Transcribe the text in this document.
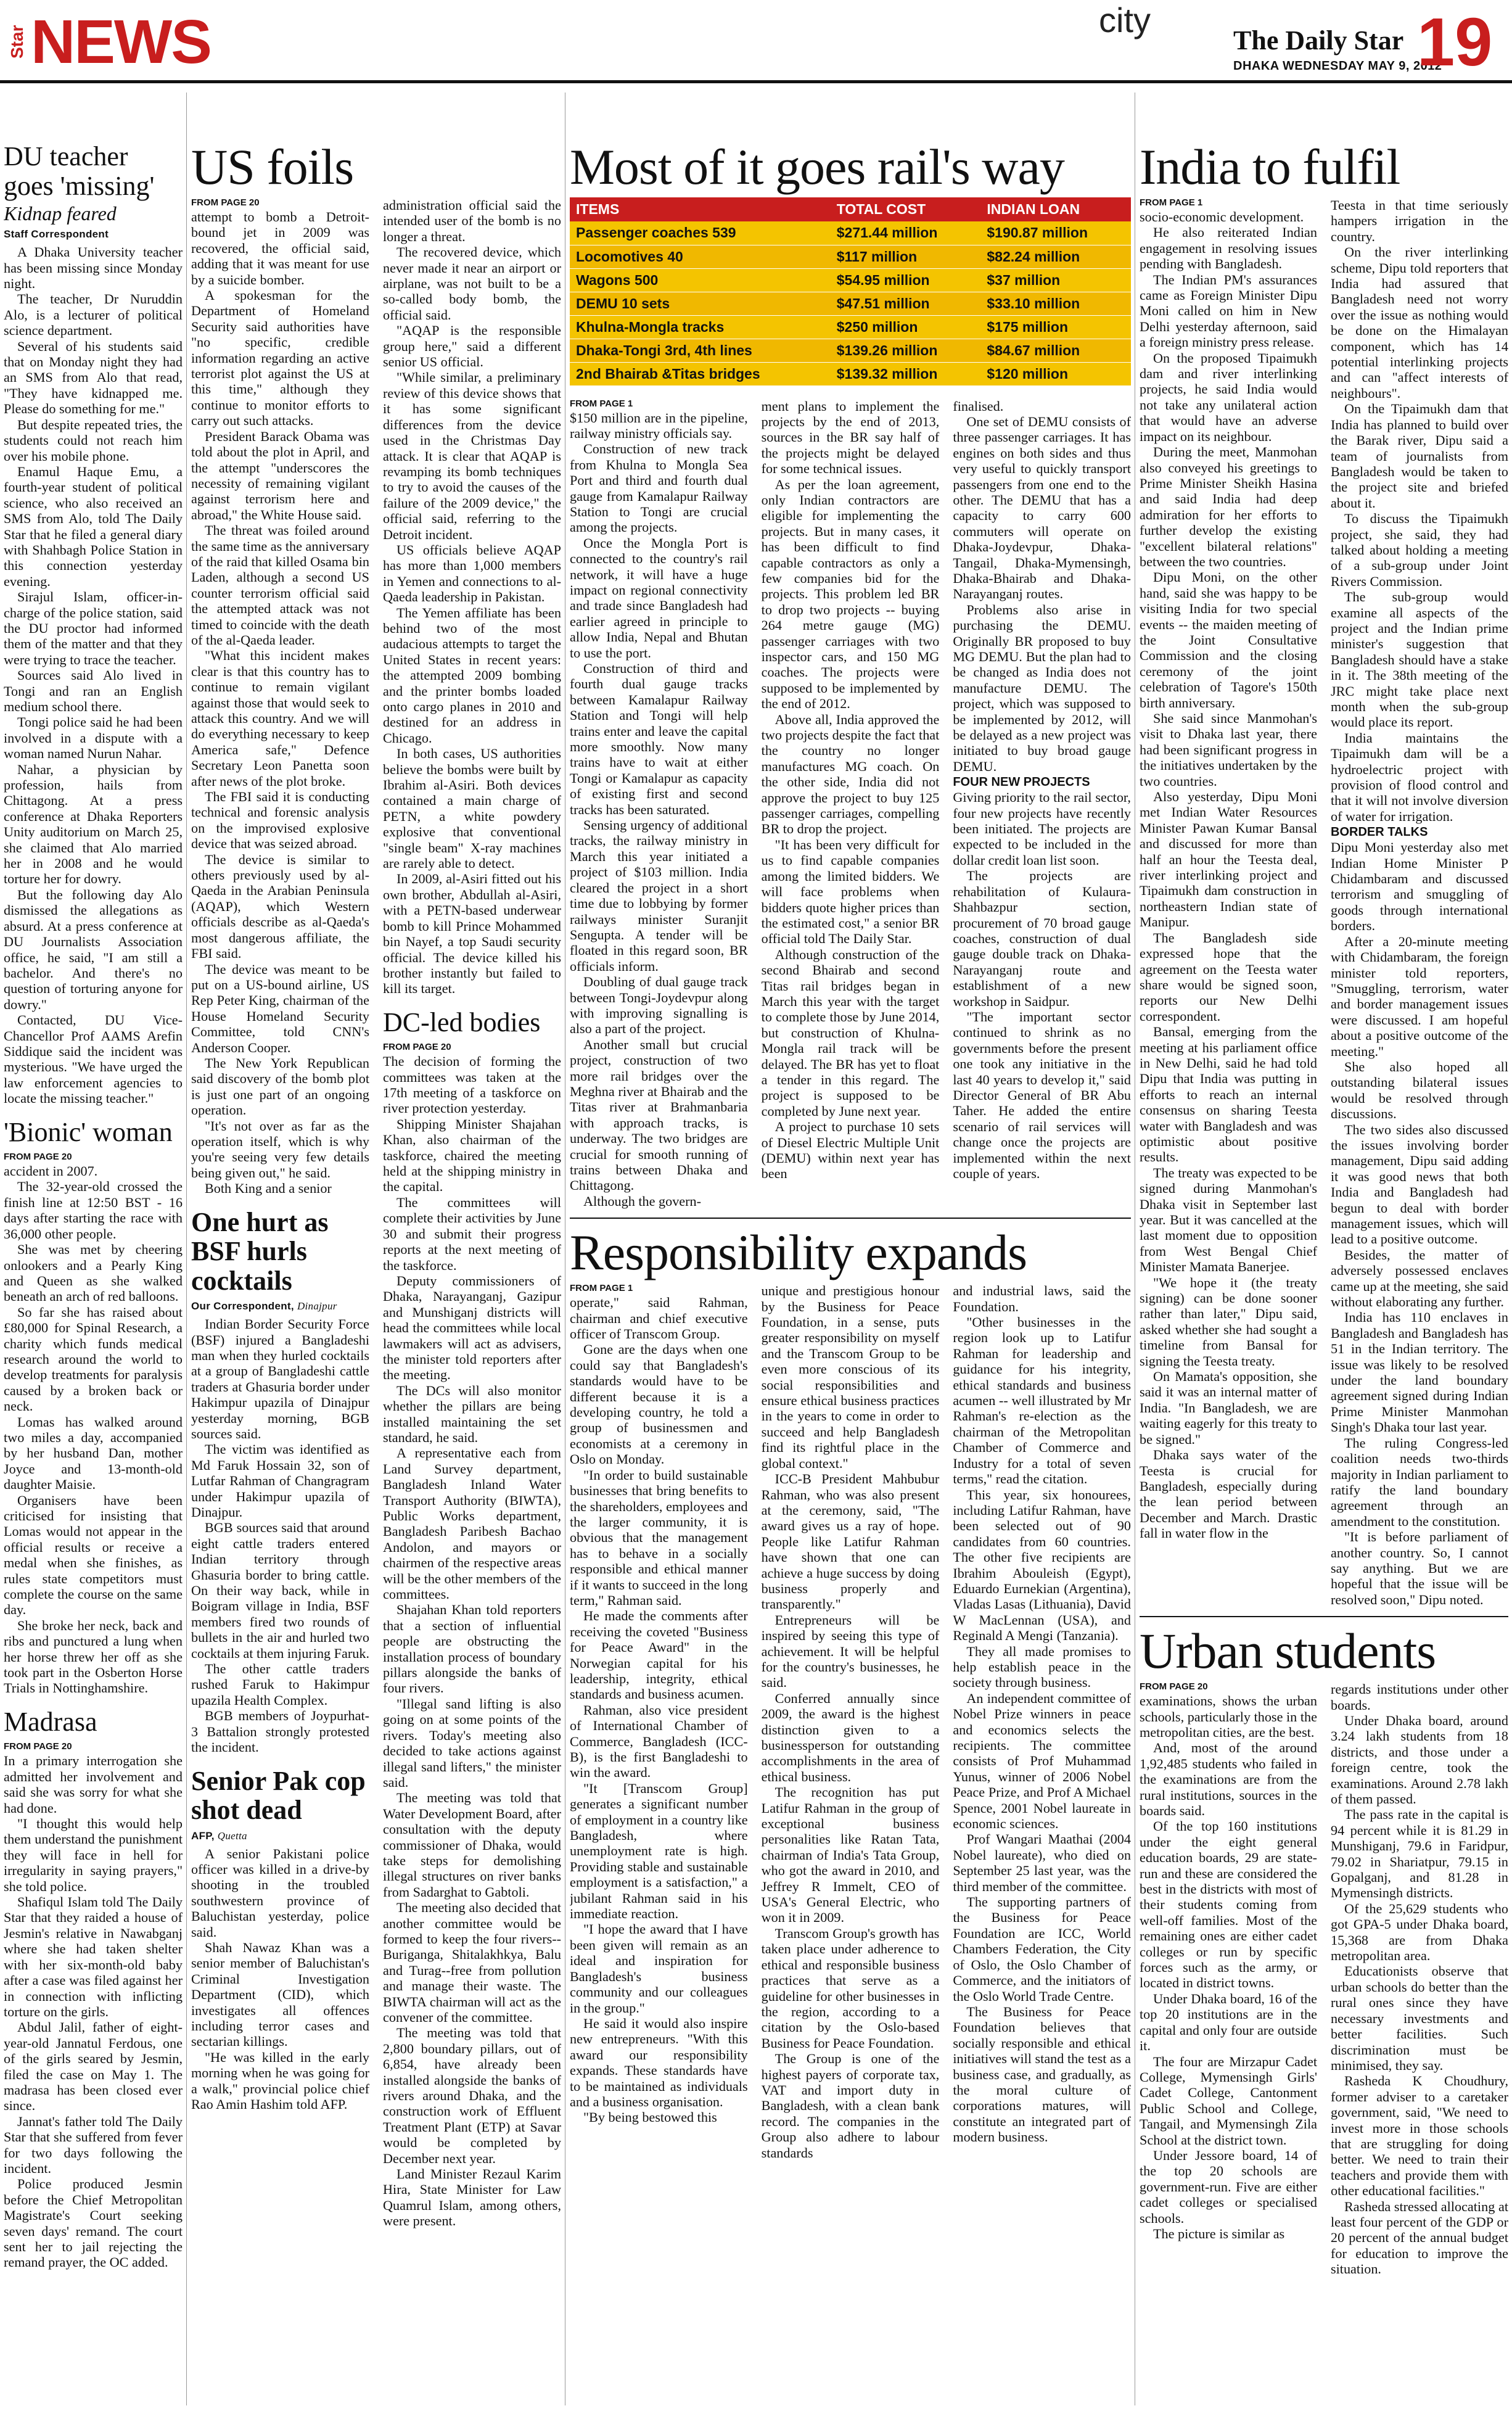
Star NEWS	city
The Daily Star
DHAKA WEDNESDAY MAY 9, 2012
19
DU teacher goes 'missing'
Kidnap feared
Staff Correspondent

A Dhaka University teacher has been missing since Monday night.

The teacher, Dr Nuruddin Alo, is a lecturer of political science department.

Several of his students said that on Monday night they had an SMS from Alo that read, "They have kidnapped me. Please do something for me."

But despite repeated tries, the students could not reach him over his mobile phone.

Enamul Haque Emu, a fourth-year student of political science, who also received an SMS from Alo, told The Daily Star that he filed a general diary with Shahbagh Police Station in this connection yesterday evening.

Sirajul Islam, officer-in-charge of the police station, said the DU proctor had informed them of the matter and that they were trying to trace the teacher.

Sources said Alo lived in Tongi and ran an English medium school there.

Tongi police said he had been involved in a dispute with a woman named Nurun Nahar.

Nahar, a physician by profession, hails from Chittagong. At a press conference at Dhaka Reporters Unity auditorium on March 25, she claimed that Alo married her in 2008 and he would torture her for dowry.

But the following day Alo dismissed the allegations as absurd. At a press conference at DU Journalists Association office, he said, "I am still a bachelor. And there's no question of torturing anyone for dowry."

Contacted, DU Vice-Chancellor Prof AAMS Arefin Siddique said the incident was mysterious. "We have urged the law enforcement agencies to locate the missing teacher."

'Bionic' woman
FROM PAGE 20

accident in 2007.

The 32-year-old crossed the finish line at 12:50 BST - 16 days after starting the race with 36,000 other people.

She was met by cheering onlookers and a Pearly King and Queen as she walked beneath an arch of red balloons.

So far she has raised about £80,000 for Spinal Research, a charity which funds medical research around the world to develop treatments for paralysis caused by a broken back or neck.

Lomas has walked around two miles a day, accompanied by her husband Dan, mother Joyce and 13-month-old daughter Maisie.

Organisers have been criticised for insisting that Lomas would not appear in the official results or receive a medal when she finishes, as rules state competitors must complete the course on the same day.

She broke her neck, back and ribs and punctured a lung when her horse threw her off as she took part in the Osberton Horse Trials in Nottinghamshire.

Madrasa
FROM PAGE 20

In a primary interrogation she admitted her involvement and said she was sorry for what she had done.

"I thought this would help them understand the punishment they will face in hell for irregularity in saying prayers," she told police.

Shafiqul Islam told The Daily Star that they raided a house of Jesmin's relative in Nawabganj where she had taken shelter with her six-month-old baby after a case was filed against her in connection with inflicting torture on the girls.

Abdul Jalil, father of eight-year-old Jannatul Ferdous, one of the girls seared by Jesmin, filed the case on May 1. The madrasa has been closed ever since.

Jannat's father told The Daily Star that she suffered from fever for two days following the incident.

Police produced Jesmin before the Chief Metropolitan Magistrate's Court seeking seven days' remand. The court sent her to jail rejecting the remand prayer, the OC added.

US foils
FROM PAGE 20

attempt to bomb a Detroit-bound jet in 2009 was recovered, the official said, adding that it was meant for use by a suicide bomber.

A spokesman for the Department of Homeland Security said authorities have "no specific, credible information regarding an active terrorist plot against the US at this time," although they continue to monitor efforts to carry out such attacks.

President Barack Obama was told about the plot in April, and the attempt "underscores the necessity of remaining vigilant against terrorism here and abroad," the White House said.

The threat was foiled around the same time as the anniversary of the raid that killed Osama bin Laden, although a second US counter terrorism official said the attempted attack was not timed to coincide with the death of the al-Qaeda leader.

"What this incident makes clear is that this country has to continue to remain vigilant against those that would seek to attack this country. And we will do everything necessary to keep America safe," Defence Secretary Leon Panetta soon after news of the plot broke.

The FBI said it is conducting technical and forensic analysis on the improvised explosive device that was seized abroad.

The device is similar to others previously used by al-Qaeda in the Arabian Peninsula (AQAP), which Western officials describe as al-Qaeda's most dangerous affiliate, the FBI said.

The device was meant to be put on a US-bound airline, US Rep Peter King, chairman of the House Homeland Security Committee, told CNN's Anderson Cooper.

The New York Republican said discovery of the bomb plot is just one part of an ongoing operation.

"It's not over as far as the operation itself, which is why you're seeing very few details being given out," he said.

Both King and a senior

One hurt as BSF hurls cocktails
Our Correspondent, Dinajpur

Indian Border Security Force (BSF) injured a Bangladeshi man when they hurled cocktails at a group of Bangladeshi cattle traders at Ghasuria border under Hakimpur upazila of Dinajpur yesterday morning, BGB sources said.

The victim was identified as Md Faruk Hossain 32, son of Lutfar Rahman of Changragram under Hakimpur upazila of Dinajpur.

BGB sources said that around eight cattle traders entered Indian territory through Ghasuria border to bring cattle. On their way back, while in Boigram village in India, BSF members fired two rounds of bullets in the air and hurled two cocktails at them injuring Faruk.

The other cattle traders rushed Faruk to Hakimpur upazila Health Complex.

BGB members of Joypurhat-3 Battalion strongly protested the incident.

Senior Pak cop shot dead
AFP, Quetta

A senior Pakistani police officer was killed in a drive-by shooting in the troubled southwestern province of Baluchistan yesterday, police said.

Shah Nawaz Khan was a senior member of Baluchistan's Criminal Investigation Department (CID), which investigates all offences including terror cases and sectarian killings.

"He was killed in the early morning when he was going for a walk," provincial police chief Rao Amin Hashim told AFP.

administration official said the intended user of the bomb is no longer a threat.

The recovered device, which never made it near an airport or airplane, was not built to be a so-called body bomb, the official said.

"AQAP is the responsible group here," said a different senior US official.

"While similar, a preliminary review of this device shows that it has some significant differences from the device used in the Christmas Day attack. It is clear that AQAP is revamping its bomb techniques to try to avoid the causes of the failure of the 2009 device," the official said, referring to the Detroit incident.

US officials believe AQAP has more than 1,000 members in Yemen and connections to al-Qaeda leadership in Pakistan.

The Yemen affiliate has been behind two of the most audacious attempts to target the United States in recent years: the attempted 2009 bombing and the printer bombs loaded onto cargo planes in 2010 and destined for an address in Chicago.

In both cases, US authorities believe the bombs were built by Ibrahim al-Asiri. Both devices contained a main charge of PETN, a white powdery explosive that conventional "single beam" X-ray machines are rarely able to detect.

In 2009, al-Asiri fitted out his own brother, Abdullah al-Asiri, with a PETN-based underwear bomb to kill Prince Mohammed bin Nayef, a top Saudi security official. The device killed his brother instantly but failed to kill its target.

DC-led bodies
FROM PAGE 20

The decision of forming the committees was taken at the 17th meeting of a taskforce on river protection yesterday.

Shipping Minister Shajahan Khan, also chairman of the taskforce, chaired the meeting held at the shipping ministry in the capital.

The committees will complete their activities by June 30 and submit their progress reports at the next meeting of the taskforce.

Deputy commissioners of Dhaka, Narayanganj, Gazipur and Munshiganj districts will head the committees while local lawmakers will act as advisers, the minister told reporters after the meeting.

The DCs will also monitor whether the pillars are being installed maintaining the set standard, he said.

A representative each from Land Survey department, Bangladesh Inland Water Transport Authority (BIWTA), Public Works department, Bangladesh Paribesh Bachao Andolon, and mayors or chairmen of the respective areas will be the other members of the committees.

Shajahan Khan told reporters that a section of influential people are obstructing the installation process of boundary pillars alongside the banks of four rivers.

"Illegal sand lifting is also going on at some points of the rivers. Today's meeting also decided to take actions against illegal sand lifters," the minister said.

The meeting was told that Water Development Board, after consultation with the deputy commissioner of Dhaka, would take steps for demolishing illegal structures on river banks from Sadarghat to Gabtoli.

The meeting also decided that another committee would be formed to keep the four rivers--Buriganga, Shitalakhkya, Balu and Turag--free from pollution and manage their waste. The BIWTA chairman will act as the convener of the committee.

The meeting was told that 2,800 boundary pillars, out of 6,854, have already been installed alongside the banks of rivers around Dhaka, and the construction work of Effluent Treatment Plant (ETP) at Savar would be completed by December next year.

Land Minister Rezaul Karim Hira, State Minister for Law Quamrul Islam, among others, were present.

Most of it goes rail's way
ITEMS	TOTAL COST	INDIAN LOAN
Passenger coaches 539	$271.44 million	$190.87 million
Locomotives 40	$117 million	$82.24 million
Wagons 500	$54.95 million	$37 million
DEMU 10 sets	$47.51 million	$33.10 million
Khulna-Mongla tracks	$250 million	$175 million
Dhaka-Tongi 3rd, 4th lines	$139.26 million	$84.67 million
2nd Bhairab &Titas bridges	$139.32 million	$120 million
FROM PAGE 1

$150 million are in the pipeline, railway ministry officials say.

Construction of new track from Khulna to Mongla Sea Port and third and fourth dual gauge from Kamalapur Railway Station to Tongi are crucial among the projects.

Once the Mongla Port is connected to the country's rail network, it will have a huge impact on regional connectivity and trade since Bangladesh had earlier agreed in principle to allow India, Nepal and Bhutan to use the port.

Construction of third and fourth dual gauge tracks between Kamalapur Railway Station and Tongi will help trains enter and leave the capital more smoothly. Now many trains have to wait at either Tongi or Kamalapur as capacity of existing first and second tracks has been saturated.

Sensing urgency of additional tracks, the railway ministry in March this year initiated a project of $103 million. India cleared the project in a short time due to lobbying by former railways minister Suranjit Sengupta. A tender will be floated in this regard soon, BR officials inform.

Doubling of dual gauge track between Tongi-Joydevpur along with improving signalling is also a part of the project.

Another small but crucial project, construction of two more rail bridges over the Meghna river at Bhairab and the Titas river at Brahmanbaria with approach tracks, is underway. The two bridges are crucial for smooth running of trains between Dhaka and Chittagong.

Although the govern-

ment plans to implement the projects by the end of 2013, sources in the BR say half of the projects might be delayed for some technical issues.

As per the loan agreement, only Indian contractors are eligible for implementing the projects. But in many cases, it has been difficult to find capable contractors as only a few companies bid for the projects. This problem led BR to drop two projects -- buying 264 metre gauge (MG) passenger carriages with two inspector cars, and 150 MG coaches. The projects were supposed to be implemented by the end of 2012.

Above all, India approved the two projects despite the fact that the country no longer manufactures MG coach. On the other side, India did not approve the project to buy 125 passenger carriages, compelling BR to drop the project.

"It has been very difficult for us to find capable companies among the limited bidders. We will face problems when bidders quote higher prices than the estimated cost," a senior BR official told The Daily Star.

Although construction of the second Bhairab and second Titas rail bridges began in March this year with the target to complete those by June 2014, but construction of Khulna-Mongla rail track will be delayed. The BR has yet to float a tender in this regard. The project is supposed to be completed by June next year.

A project to purchase 10 sets of Diesel Electric Multiple Unit (DEMU) within next year has been

finalised.

One set of DEMU consists of three passenger carriages. It has engines on both sides and thus very useful to quickly transport passengers from one end to the other. The DEMU that has a capacity to carry 600 commuters will operate on Dhaka-Joydevpur, Dhaka-Tangail, Dhaka-Mymensingh, Dhaka-Bhairab and Dhaka-Narayanganj routes.

Problems also arise in purchasing the DEMU. Originally BR proposed to buy MG DEMU. But the plan had to be changed as India does not manufacture DEMU. The project, which was supposed to be implemented by 2012, will be delayed as a new project was initiated to buy broad gauge DEMU.

FOUR NEW PROJECTS

Giving priority to the rail sector, four new projects have recently been initiated. The projects are expected to be included in the dollar credit loan list soon.

The projects are rehabilitation of Kulaura-Shahbazpur section, procurement of 70 broad gauge coaches, construction of dual gauge double track on Dhaka-Narayanganj route and establishment of a new workshop in Saidpur.

"The important sector continued to shrink as no governments before the present one took any initiative in the last 40 years to develop it," said Director General of BR Abu Taher. He added the entire scenario of rail services will change once the projects are implemented within the next couple of years.

Responsibility expands
FROM PAGE 1

operate," said Rahman, chairman and chief executive officer of Transcom Group.

Gone are the days when one could say that Bangladesh's standards would have to be different because it is a developing country, he told a group of businessmen and economists at a ceremony in Oslo on Monday.

"In order to build sustainable businesses that bring benefits to the shareholders, employees and the larger community, it is obvious that the management has to behave in a socially responsible and ethical manner if it wants to succeed in the long term," Rahman said.

He made the comments after receiving the coveted "Business for Peace Award" in the Norwegian capital for his leadership, integrity, ethical standards and business acumen.

Rahman, also vice president of International Chamber of Commerce, Bangladesh (ICC-B), is the first Bangladeshi to win the award.

"It [Transcom Group] generates a significant number of employment in a country like Bangladesh, where unemployment rate is high. Providing stable and sustainable employment is a satisfaction," a jubilant Rahman said in his immediate reaction.

"I hope the award that I have been given will remain as an ideal and inspiration for Bangladesh's business community and our colleagues in the group."

He said it would also inspire new entrepreneurs. "With this award our responsibility expands. These standards have to be maintained as individuals and a business organisation.

"By being bestowed this

unique and prestigious honour by the Business for Peace Foundation, in a sense, puts greater responsibility on myself and the Transcom Group to be even more conscious of its social responsibilities and ensure ethical business practices in the years to come in order to succeed and help Bangladesh find its rightful place in the global context."

ICC-B President Mahbubur Rahman, who was also present at the ceremony, said, "The award gives us a ray of hope. People like Latifur Rahman have shown that one can achieve a huge success by doing business properly and transparently."

Entrepreneurs will be inspired by seeing this type of achievement. It will be helpful for the country's businesses, he said.

Conferred annually since 2009, the award is the highest distinction given to a businessperson for outstanding accomplishments in the area of ethical business.

The recognition has put Latifur Rahman in the group of exceptional business personalities like Ratan Tata, chairman of India's Tata Group, who got the award in 2010, and Jeffrey R Immelt, CEO of USA's General Electric, who won it in 2009.

Transcom Group's growth has taken place under adherence to ethical and responsible business practices that serve as a guideline for other businesses in the region, according to a citation by the Oslo-based Business for Peace Foundation.

The Group is one of the highest payers of corporate tax, VAT and import duty in Bangladesh, with a clean bank record. The companies in the Group also adhere to labour standards

and industrial laws, said the Foundation.

"Other businesses in the region look up to Latifur Rahman for leadership and guidance for his integrity, ethical standards and business acumen -- well illustrated by Mr Rahman's re-election as the chairman of the Metropolitan Chamber of Commerce and Industry for a total of seven terms," read the citation.

This year, six honourees, including Latifur Rahman, have been selected out of 90 candidates from 60 countries. The other five recipients are Ibrahim Abouleish (Egypt), Eduardo Eurnekian (Argentina), Vladas Lasas (Lithuania), David W MacLennan (USA), and Reginald A Mengi (Tanzania).

They all made promises to help establish peace in the society through business.

An independent committee of Nobel Prize winners in peace and economics selects the recipients. The committee consists of Prof Muhammad Yunus, winner of 2006 Nobel Peace Prize, and Prof A Michael Spence, 2001 Nobel laureate in economic sciences.

Prof Wangari Maathai (2004 Nobel laureate), who died on September 25 last year, was the third member of the committee.

The supporting partners of the Business for Peace Foundation are ICC, World Chambers Federation, the City of Oslo, the Oslo Chamber of Commerce, and the initiators of the Oslo World Trade Centre.

The Business for Peace Foundation believes that socially responsible and ethical initiatives will stand the test as a business case, and gradually, as the moral culture of corporations matures, will constitute an integrated part of modern business.

India to fulfil
FROM PAGE 1

socio-economic development.

He also reiterated Indian engagement in resolving issues pending with Bangladesh.

The Indian PM's assurances came as Foreign Minister Dipu Moni called on him in New Delhi yesterday afternoon, said a foreign ministry press release.

On the proposed Tipaimukh dam and river interlinking projects, he said India would not take any unilateral action that would have an adverse impact on its neighbour.

During the meet, Manmohan also conveyed his greetings to Prime Minister Sheikh Hasina and said India had deep admiration for her efforts to further develop the existing "excellent bilateral relations" between the two countries.

Dipu Moni, on the other hand, said she was happy to be visiting India for two special events -- the maiden meeting of the Joint Consultative Commission and the closing ceremony of the joint celebration of Tagore's 150th birth anniversary.

She said since Manmohan's visit to Dhaka last year, there had been significant progress in the initiatives undertaken by the two countries.

Also yesterday, Dipu Moni met Indian Water Resources Minister Pawan Kumar Bansal and discussed for more than half an hour the Teesta deal, river interlinking project and Tipaimukh dam construction in northeastern Indian state of Manipur.

The Bangladesh side expressed hope that the agreement on the Teesta water share would be signed soon, reports our New Delhi correspondent.

Bansal, emerging from the meeting at his parliament office in New Delhi, said he had told Dipu that India was putting in efforts to reach an internal consensus on sharing Teesta water with Bangladesh and was optimistic about positive results.

The treaty was expected to be signed during Manmohan's Dhaka visit in September last year. But it was cancelled at the last moment due to opposition from West Bengal Chief Minister Mamata Banerjee.

"We hope it (the treaty signing) can be done sooner rather than later," Dipu said, asked whether she had sought a timeline from Bansal for signing the Teesta treaty.

On Mamata's opposition, she said it was an internal matter of India. "In Bangladesh, we are waiting eagerly for this treaty to be signed."

Dhaka says water of the Teesta is crucial for Bangladesh, especially during the lean period between December and March. Drastic fall in water flow in the

Teesta in that time seriously hampers irrigation in the country.

On the river interlinking scheme, Dipu told reporters that India had assured that Bangladesh need not worry over the issue as nothing would be done on the Himalayan component, which has 14 potential interlinking projects and can "affect interests of neighbours".

On the Tipaimukh dam that India has planned to build over the Barak river, Dipu said a team of journalists from Bangladesh would be taken to the project site and briefed about it.

To discuss the Tipaimukh project, she said, they had talked about holding a meeting of a sub-group under Joint Rivers Commission.

The sub-group would examine all aspects of the project and the Indian prime minister's suggestion that Bangladesh should have a stake in it. The 38th meeting of the JRC might take place next month when the sub-group would place its report.

India maintains the Tipaimukh dam will be a hydroelectric project with provision of flood control and that it will not involve diversion of water for irrigation.

BORDER TALKS

Dipu Moni yesterday also met Indian Home Minister P Chidambaram and discussed terrorism and smuggling of goods through international borders.

After a 20-minute meeting with Chidambaram, the foreign minister told reporters, "Smuggling, terrorism, water and border management issues were discussed. I am hopeful about a positive outcome of the meeting."

She also hoped all outstanding bilateral issues would be resolved through discussions.

The two sides also discussed the issues involving border management, Dipu said adding it was good news that both India and Bangladesh had begun to deal with border management issues, which will lead to a positive outcome.

Besides, the matter of adversely possessed enclaves came up at the meeting, she said without elaborating any further.

India has 110 enclaves in Bangladesh and Bangladesh has 51 in the Indian territory. The issue was likely to be resolved under the land boundary agreement signed during Indian Prime Minister Manmohan Singh's Dhaka tour last year.

The ruling Congress-led coalition needs two-thirds majority in Indian parliament to ratify the land boundary agreement through an amendment to the constitution.

"It is before parliament of another country. So, I cannot say anything. But we are hopeful that the issue will be resolved soon," Dipu noted.

Urban students
FROM PAGE 20

examinations, shows the urban schools, particularly those in the metropolitan cities, are the best.

And, most of the around 1,92,485 students who failed in the examinations are from the rural institutions, sources in the boards said.

Of the top 160 institutions under the eight general education boards, 29 are state-run and these are considered the best in the districts with most of their students coming from well-off families. Most of the remaining ones are either cadet colleges or run by specific forces such as the army, or located in district towns.

Under Dhaka board, 16 of the top 20 institutions are in the capital and only four are outside it.

The four are Mirzapur Cadet College, Mymensingh Girls' Cadet College, Cantonment Public School and College, Tangail, and Mymensingh Zila School at the district town.

Under Jessore board, 14 of the top 20 schools are government-run. Five are either cadet colleges or specialised schools.

The picture is similar as

regards institutions under other boards.

Under Dhaka board, around 3.24 lakh students from 18 districts, and those under a foreign centre, took the examinations. Around 2.78 lakh of them passed.

The pass rate in the capital is 94 percent while it is 81.29 in Munshiganj, 79.6 in Faridpur, 79.02 in Shariatpur, 79.15 in Gopalganj, and 81.28 in Mymensingh districts.

Of the 25,629 students who got GPA-5 under Dhaka board, 15,368 are from Dhaka metropolitan area.

Educationists observe that urban schools do better than the rural ones since they have necessary investments and better facilities. Such discrimination must be minimised, they say.

Rasheda K Choudhury, former adviser to a caretaker government, said, "We need to invest more in those schools that are struggling for doing better. We need to train their teachers and provide them with other educational facilities."

Rasheda stressed allocating at least four percent of the GDP or 20 percent of the annual budget for education to improve the situation.
